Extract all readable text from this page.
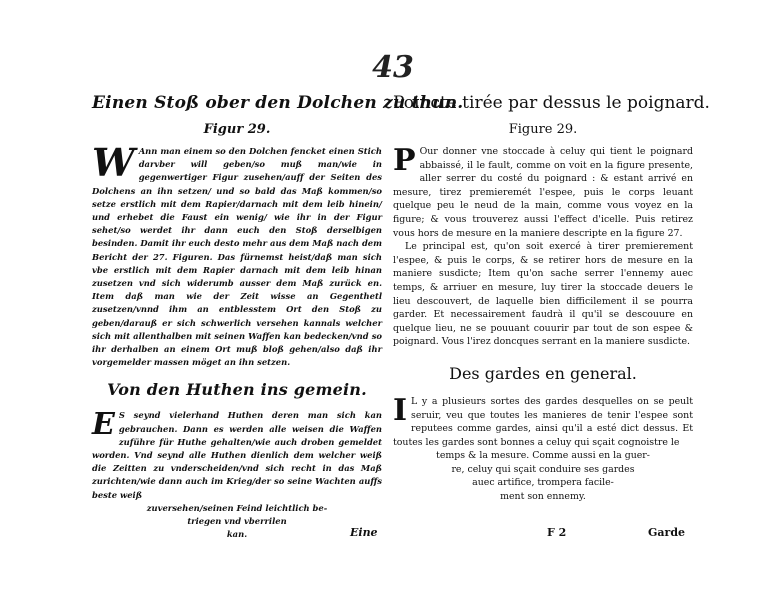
43

Einen Stoß ober den Dolchen zu thun.

Figur 29.

W Ann man einem so den Dolchen fencket einen Stich darvber will geben/so muß man/wie in gegenwertiger Figur zusehen/auff der Seiten des Dolchens an ihn setzen/ und so bald das Maß kommen/so setze erstlich mit dem Rapier/darnach mit dem leib hinein/ und erhebet die Faust ein wenig/ wie ihr in der Figur sehet/so werdet ihr dann euch den Stoß derselbigen besinden. Damit ihr euch desto mehr aus dem Maß nach dem Bericht der 27. Figuren. Das fürnemst heist/daß man sich vbe erstlich mit dem Rapier darnach mit dem leib hinan zusetzen vnd sich widerumb ausser dem Maß zurück en. Item daß man wie der Zeit wisse an Gegenthetl zusetzen/vnnd ihm an entblesstem Ort den Stoß zu geben/darauß er sich schwerlich versehen kannals welcher sich mit allenthalben mit seinen Waffen kan bedecken/vnd so ihr derhalben an einem Ort muß bloß gehen/also daß ihr vorgemelder massen möget an ihn setzen.

Von den Huthen ins gemein.

E S seynd vielerhand Huthen deren man sich kan gebrauchen. Dann es werden alle weisen die Waffen zuführe für Huthe gehalten/wie auch droben gemeldet worden. Vnd seynd alle Huthen dienlich dem welcher weiß die Zeitten zu vnderscheiden/vnd sich recht in das Maß zurichten/wie dann auch im Krieg/der so seine Wachten auffs beste weiß

zuversehen/seinen Feind leichtlich be-

triegen vnd vberrilen

kan.

Poincte tirée par dessus le poignard.

Figure 29.

P Our donner vne stoccade à celuy qui tient le poignard abbaissé, il le fault, comme on voit en la figure presente, aller serrer du costé du poignard : & estant arrivé en mesure, tirez premieremét l'espee, puis le corps leuant quelque peu le neud de la main, comme vous voyez en la figure; & vous trouverez aussi l'effect d'icelle. Puis retirez vous hors de mesure en la maniere descripte en la figure 27.

Le principal est, qu'on soit exercé à tirer premierement l'espee, & puis le corps, & se retirer hors de mesure en la maniere susdicte; Item qu'on sache serrer l'ennemy auec temps, & arriuer en mesure, luy tirer la stoccade deuers le lieu descouvert, de laquelle bien difficilement il se pourra garder. Et necessairement faudrà il qu'il se descouure en quelque lieu, ne se pouuant couurir par tout de son espee & poignard. Vous l'irez doncques serrant en la maniere susdicte.

Des gardes en general.

I L y a plusieurs sortes des gardes desquelles on se peult seruir, veu que toutes les manieres de tenir l'espee sont reputees comme gardes, ainsi qu'il a esté dict dessus. Et toutes les gardes sont bonnes a celuy qui sçait cognoistre le

temps & la mesure. Comme aussi en la guer-

re, celuy qui sçait conduire ses gardes

auec artifice, trompera facile-

ment son ennemy.

Eine	F 2	Garde
